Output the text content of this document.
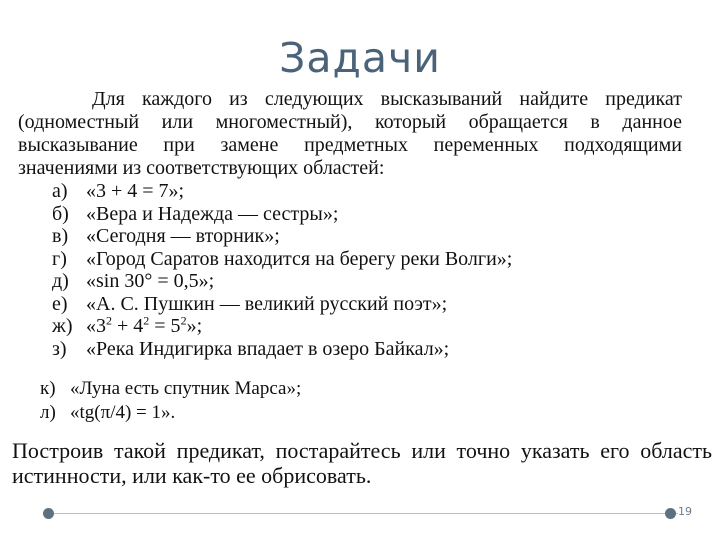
Задачи
Для каждого из следующих высказываний найдите предикат (одноместный или многоместный), который обращается в данное высказывание при замене предметных переменных подходящими значениями из соответствующих областей:
а) «3 + 4 = 7»;
б) «Вера и Надежда — сестры»;
в) «Сегодня — вторник»;
г) «Город Саратов находится на берегу реки Волги»;
д) «sin 30° = 0,5»;
е) «А. С. Пушкин — великий русский поэт»;
ж) «$3^2 + 4^2 = 5^2$»;
з) «Река Индигирка впадает в озеро Байкал»;
к) «Луна есть спутник Марса»;
л) «tg(π/4) = 1».
Построив такой предикат, постарайтесь или точно указать его область истинности, или как-то ее обрисовать.
19
